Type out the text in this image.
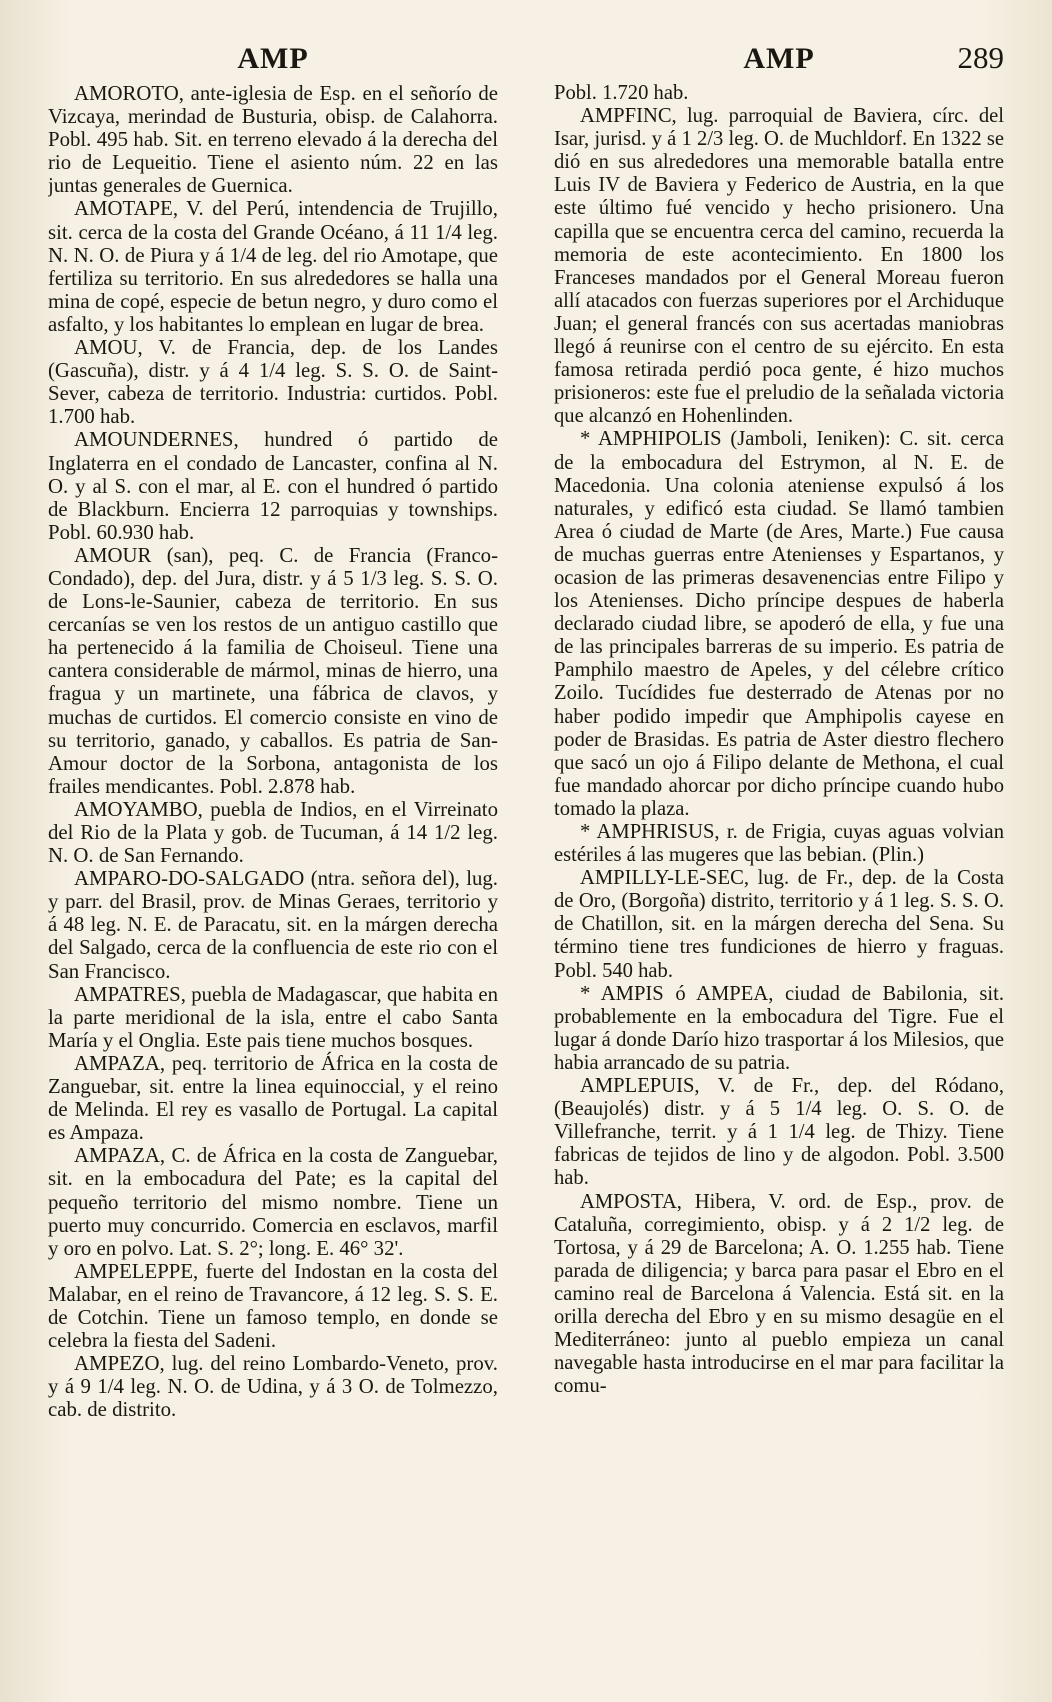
AMP	AMP	289

AMOROTO, ante-iglesia de Esp. en el señorío de Vizcaya, merindad de Busturia, obisp. de Calahorra. Pobl. 495 hab. Sit. en terreno elevado á la derecha del rio de Lequeitio. Tiene el asiento núm. 22 en las juntas generales de Guernica.

AMOTAPE, V. del Perú, intendencia de Trujillo, sit. cerca de la costa del Grande Océano, á 11 1/4 leg. N. N. O. de Piura y á 1/4 de leg. del rio Amotape, que fertiliza su territorio. En sus alrededores se halla una mina de copé, especie de betun negro, y duro como el asfalto, y los habitantes lo emplean en lugar de brea.

AMOU, V. de Francia, dep. de los Landes (Gascuña), distr. y á 4 1/4 leg. S. S. O. de Saint-Sever, cabeza de territorio. Industria: curtidos. Pobl. 1.700 hab.

AMOUNDERNES, hundred ó partido de Inglaterra en el condado de Lancaster, confina al N. O. y al S. con el mar, al E. con el hundred ó partido de Blackburn. Encierra 12 parroquias y townships. Pobl. 60.930 hab.

AMOUR (san), peq. C. de Francia (Franco-Condado), dep. del Jura, distr. y á 5 1/3 leg. S. S. O. de Lons-le-Saunier, cabeza de territorio. En sus cercanías se ven los restos de un antiguo castillo que ha pertenecido á la familia de Choiseul. Tiene una cantera considerable de mármol, minas de hierro, una fragua y un martinete, una fábrica de clavos, y muchas de curtidos. El comercio consiste en vino de su territorio, ganado, y caballos. Es patria de San-Amour doctor de la Sorbona, antagonista de los frailes mendicantes. Pobl. 2.878 hab.

AMOYAMBO, puebla de Indios, en el Virreinato del Rio de la Plata y gob. de Tucuman, á 14 1/2 leg. N. O. de San Fernando.

AMPARO-DO-SALGADO (ntra. señora del), lug. y parr. del Brasil, prov. de Minas Geraes, territorio y á 48 leg. N. E. de Paracatu, sit. en la márgen derecha del Salgado, cerca de la confluencia de este rio con el San Francisco.

AMPATRES, puebla de Madagascar, que habita en la parte meridional de la isla, entre el cabo Santa María y el Onglia. Este pais tiene muchos bosques.

AMPAZA, peq. territorio de África en la costa de Zanguebar, sit. entre la linea equinoccial, y el reino de Melinda. El rey es vasallo de Portugal. La capital es Ampaza.

AMPAZA, C. de África en la costa de Zanguebar, sit. en la embocadura del Pate; es la capital del pequeño territorio del mismo nombre. Tiene un puerto muy concurrido. Comercia en esclavos, marfil y oro en polvo. Lat. S. 2°; long. E. 46° 32'.

AMPELEPPE, fuerte del Indostan en la costa del Malabar, en el reino de Travancore, á 12 leg. S. S. E. de Cotchin. Tiene un famoso templo, en donde se celebra la fiesta del Sadeni.

AMPEZO, lug. del reino Lombardo-Veneto, prov. y á 9 1/4 leg. N. O. de Udina, y á 3 O. de Tolmezzo, cab. de distrito.

Pobl. 1.720 hab.

AMPFINC, lug. parroquial de Baviera, círc. del Isar, jurisd. y á 1 2/3 leg. O. de Muchldorf. En 1322 se dió en sus alrededores una memorable batalla entre Luis IV de Baviera y Federico de Austria, en la que este último fué vencido y hecho prisionero. Una capilla que se encuentra cerca del camino, recuerda la memoria de este acontecimiento. En 1800 los Franceses mandados por el General Moreau fueron allí atacados con fuerzas superiores por el Archiduque Juan; el general francés con sus acertadas maniobras llegó á reunirse con el centro de su ejército. En esta famosa retirada perdió poca gente, é hizo muchos prisioneros: este fue el preludio de la señalada victoria que alcanzó en Hohenlinden.

* AMPHIPOLIS (Jamboli, Ieniken): C. sit. cerca de la embocadura del Estrymon, al N. E. de Macedonia. Una colonia ateniense expulsó á los naturales, y edificó esta ciudad. Se llamó tambien Area ó ciudad de Marte (de Ares, Marte.) Fue causa de muchas guerras entre Atenienses y Espartanos, y ocasion de las primeras desavenencias entre Filipo y los Atenienses. Dicho príncipe despues de haberla declarado ciudad libre, se apoderó de ella, y fue una de las principales barreras de su imperio. Es patria de Pamphilo maestro de Apeles, y del célebre crítico Zoilo. Tucídides fue desterrado de Atenas por no haber podido impedir que Amphipolis cayese en poder de Brasidas. Es patria de Aster diestro flechero que sacó un ojo á Filipo delante de Methona, el cual fue mandado ahorcar por dicho príncipe cuando hubo tomado la plaza.

* AMPHRISUS, r. de Frigia, cuyas aguas volvian estériles á las mugeres que las bebian. (Plin.)

AMPILLY-LE-SEC, lug. de Fr., dep. de la Costa de Oro, (Borgoña) distrito, territorio y á 1 leg. S. S. O. de Chatillon, sit. en la márgen derecha del Sena. Su término tiene tres fundiciones de hierro y fraguas. Pobl. 540 hab.

* AMPIS ó AMPEA, ciudad de Babilonia, sit. probablemente en la embocadura del Tigre. Fue el lugar á donde Darío hizo trasportar á los Milesios, que habia arrancado de su patria.

AMPLEPUIS, V. de Fr., dep. del Ródano, (Beaujolés) distr. y á 5 1/4 leg. O. S. O. de Villefranche, territ. y á 1 1/4 leg. de Thizy. Tiene fabricas de tejidos de lino y de algodon. Pobl. 3.500 hab.

AMPOSTA, Hibera, V. ord. de Esp., prov. de Cataluña, corregimiento, obisp. y á 2 1/2 leg. de Tortosa, y á 29 de Barcelona; A. O. 1.255 hab. Tiene parada de diligencia; y barca para pasar el Ebro en el camino real de Barcelona á Valencia. Está sit. en la orilla derecha del Ebro y en su mismo desagüe en el Mediterráneo: junto al pueblo empieza un canal navegable hasta introducirse en el mar para facilitar la comu-
